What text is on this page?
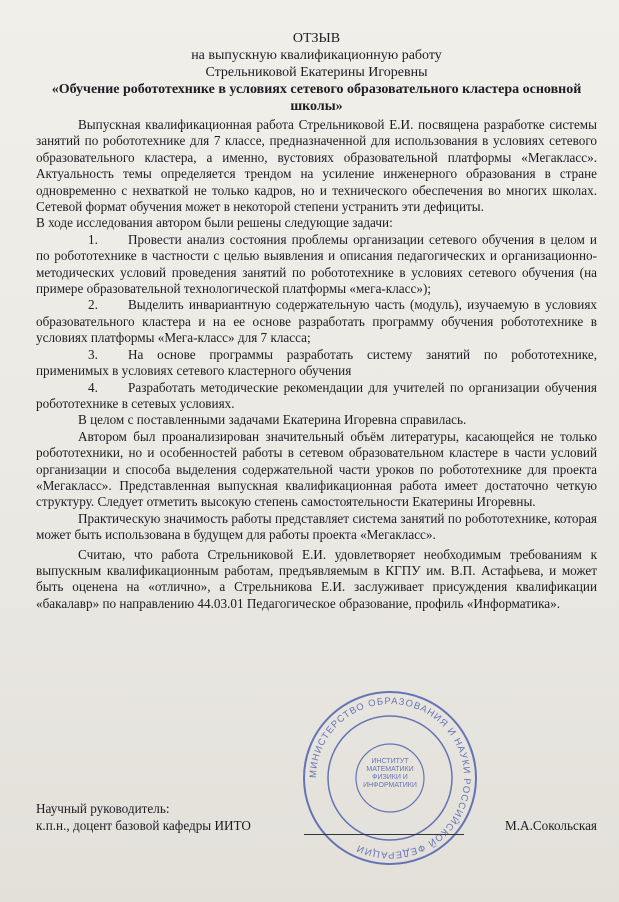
ОТЗЫВ
на выпускную квалификационную работу
Стрельниковой Екатерины Игоревны
«Обучение робототехнике в условиях сетевого образовательного кластера основной школы»

Выпускная квалификационная работа Стрельниковой Е.И. посвящена разработке системы занятий по робототехнике для 7 классе, предназначенной для использования в условиях сетевого образовательного кластера, а именно, вустовиях образовательной платформы «Мегакласс». Актуальность темы определяется трендом на усиление инженерного образования в стране одновременно с нехваткой не только кадров, но и технического обеспечения во многих школах. Сетевой формат обучения может в некоторой степени устранить эти дефициты.

В ходе исследования автором были решены следующие задачи:

1. Провести анализ состояния проблемы организации сетевого обучения в целом и по робототехнике в частности с целью выявления и описания педагогических и организационно-методических условий проведения занятий по робототехнике в условиях сетевого обучения (на примере образовательной технологической платформы «мега-класс»);

2. Выделить инвариантную содержательную часть (модуль), изучаемую в условиях образовательного кластера и на ее основе разработать программу обучения робототехнике в условиях платформы «Мега-класс» для 7 класса;

3. На основе программы разработать систему занятий по робототехнике, применимых в условиях сетевого кластерного обучения

4. Разработать методические рекомендации для учителей по организации обучения робототехнике в сетевых условиях.

В целом с поставленными задачами Екатерина Игоревна справилась.

Автором был проанализирован значительный объём литературы, касающейся не только робототехники, но и особенностей работы в сетевом образовательном кластере в части условий организации и способа выделения содержательной части уроков по робототехнике для проекта «Мегакласс». Представленная выпускная квалификационная работа имеет достаточно четкую структуру. Следует отметить высокую степень самостоятельности Екатерины Игоревны.

Практическую значимость работы представляет система занятий по робототехнике, которая может быть использована в будущем для работы проекта «Мегакласс».

Считаю, что работа Стрельниковой Е.И. удовлетворяет необходимым требованиям к выпускным квалификационным работам, предъявляемым в КГПУ им. В.П. Астафьева, и может быть оценена на «отлично», а Стрельникова Е.И. заслуживает присуждения квалификации «бакалавр» по направлению 44.03.01 Педагогическое образование, профиль «Информатика».

МИНИСТЕРСТВО ОБРАЗОВАНИЯ И НАУКИ РОССИЙСКОЙ ФЕДЕРАЦИИ
ИНСТИТУТ МАТЕМАТИКИ ФИЗИКИ И ИНФОРМАТИКИ
Научный руководитель:
к.п.н., доцент базовой кафедры ИИТО	М.А.Сокольская
